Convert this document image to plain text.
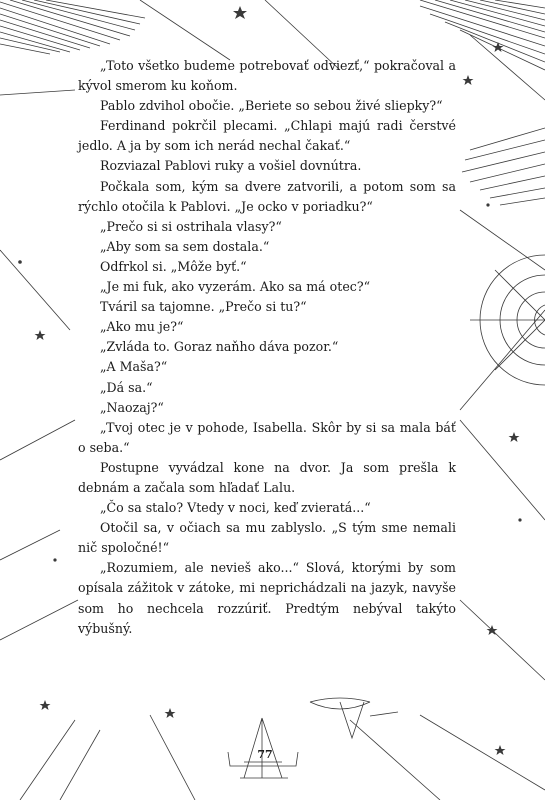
„Toto všetko budeme potrebovať odviezť,“ pokračoval a kývol smerom ku koňom.

Pablo zdvihol obočie. „Beriete so sebou živé sliepky?“

Ferdinand pokrčil plecami. „Chlapi majú radi čerstvé jedlo. A ja by som ich nerád nechal čakať.“

Rozviazal Pablovi ruky a vošiel dovnútra.

Počkala som, kým sa dvere zatvorili, a potom som sa rýchlo otočila k Pablovi. „Je ocko v poriadku?“

„Prečo si si ostrihala vlasy?“

„Aby som sa sem dostala.“

Odfrkol si. „Môže byť.“

„Je mi fuk, ako vyzerám. Ako sa má otec?“

Tváril sa tajomne. „Prečo si tu?“

„Ako mu je?“

„Zvláda to. Goraz naňho dáva pozor.“

„A Maša?“

„Dá sa.“

„Naozaj?“

„Tvoj otec je v pohode, Isabella. Skôr by si sa mala báť o seba.“

Postupne vyvádzal kone na dvor. Ja som prešla k debnám a začala som hľadať Lalu.

„Čo sa stalo? Vtedy v noci, keď zvieratá...“

Otočil sa, v očiach sa mu zablyslo. „S tým sme nemali nič spoločné!“

„Rozumiem, ale nevieš ako...“ Slová, ktorými by som opísala zážitok v zátoke, mi neprichádzali na jazyk, navyše som ho nechcela rozzúriť. Predtým nebýval takýto výbušný.

77
